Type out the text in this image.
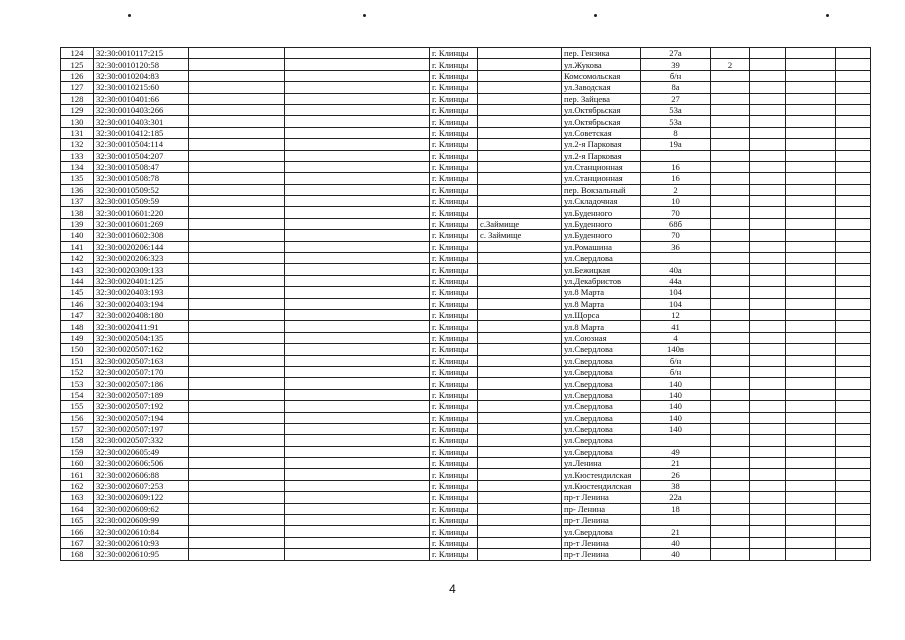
124	32:30:0010117:215			г. Клинцы		пер. Гензика	27а				
125	32:30:0010120:58			г. Клинцы		ул.Жукова	39	2			
126	32:30:0010204:83			г. Клинцы		Комсомольская	б/н				
127	32:30:0010215:60			г. Клинцы		ул.Заводская	8а				
128	32:30:0010401:66			г. Клинцы		пер. Зайцева	27				
129	32:30:0010403:266			г. Клинцы		ул.Октябрьская	53а				
130	32:30:0010403:301			г. Клинцы		ул.Октябрьская	53а				
131	32:30:0010412:185			г. Клинцы		ул.Советская	8				
132	32:30:0010504:114			г. Клинцы		ул.2-я Парковая	19а				
133	32:30:0010504:207			г. Клинцы		ул.2-я Парковая					
134	32:30:0010508:47			г. Клинцы		ул.Станционная	16				
135	32:30:0010508:78			г. Клинцы		ул.Станционная	16				
136	32:30:0010509:52			г. Клинцы		пер. Вокзальный	2				
137	32:30:0010509:59			г. Клинцы		ул.Складочная	10				
138	32:30:0010601:220			г. Клинцы		ул.Буденного	70				
139	32:30:0010601:269			г. Клинцы	с.Займище	ул.Буденного	68б				
140	32:30:0010602:308			г. Клинцы	с. Займище	ул.Буденного	70				
141	32:30:0020206:144			г. Клинцы		ул.Ромашина	36				
142	32:30:0020206:323			г. Клинцы		ул.Свердлова					
143	32:30:0020309:133			г. Клинцы		ул.Бежицкая	40а				
144	32:30:0020401:125			г. Клинцы		ул.Декабристов	44а				
145	32:30:0020403:193			г. Клинцы		ул.8 Марта	104				
146	32:30:0020403:194			г. Клинцы		ул.8 Марта	104				
147	32:30:0020408:180			г. Клинцы		ул.Щорса	12				
148	32:30:0020411:91			г. Клинцы		ул.8 Марта	41				
149	32:30:0020504:135			г. Клинцы		ул.Союзная	4				
150	32:30:0020507:162			г. Клинцы		ул.Свердлова	140в				
151	32:30:0020507:163			г. Клинцы		ул.Свердлова	б/н				
152	32:30:0020507:170			г. Клинцы		ул.Свердлова	б/н				
153	32:30:0020507:186			г. Клинцы		ул.Свердлова	140				
154	32:30:0020507:189			г. Клинцы		ул.Свердлова	140				
155	32:30:0020507:192			г. Клинцы		ул.Свердлова	140				
156	32:30:0020507:194			г. Клинцы		ул.Свердлова	140				
157	32:30:0020507:197			г. Клинцы		ул.Свердлова	140				
158	32:30:0020507:332			г. Клинцы		ул.Свердлова					
159	32:30:0020605:49			г. Клинцы		ул.Свердлова	49				
160	32:30:0020606:506			г. Клинцы		ул.Ленина	21				
161	32:30:0020606:88			г. Клинцы		ул.Кюстендилская	26				
162	32:30:0020607:253			г. Клинцы		ул.Кюстендилская	38				
163	32:30:0020609:122			г. Клинцы		пр-т Ленина	22а				
164	32:30:0020609:62			г. Клинцы		пр- Ленина	18				
165	32:30:0020609:99			г. Клинцы		пр-т Ленина					
166	32:30:0020610:84			г. Клинцы		ул.Свердлова	21				
167	32:30:0020610:93			г. Клинцы		пр-т Ленина	40				
168	32:30:0020610:95			г. Клинцы		пр-т Ленина	40				
4
